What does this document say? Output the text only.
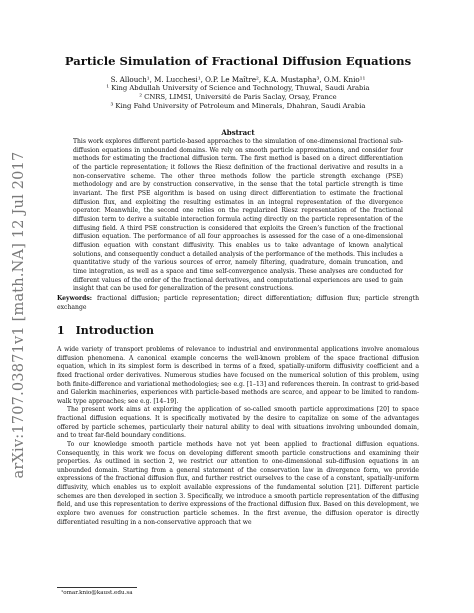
arXiv:1707.03871v1 [math.NA] 12 Jul 2017
Particle Simulation of Fractional Diffusion Equations
S. Allouch¹, M. Lucchesi¹, O.P. Le Maître², K.A. Mustapha³, O.M. Knio¹¹
¹ King Abdullah University of Science and Technology, Thuwal, Saudi Arabia
² CNRS, LIMSI, Université de Paris Saclay, Orsay, France
³ King Fahd University of Petroleum and Minerals, Dhahran, Saudi Arabia
Abstract
This work explores different particle-based approaches to the simulation of one-dimensional fractional sub-diffusion equations in unbounded domains. We rely on smooth particle approximations, and consider four methods for estimating the fractional diffusion term. The first method is based on a direct differentiation of the particle representation; it follows the Riesz definition of the fractional derivative and results in a non-conservative scheme. The other three methods follow the particle strength exchange (PSE) methodology and are by construction conservative, in the sense that the total particle strength is time invariant. The first PSE algorithm is based on using direct differentiation to estimate the fractional diffusion flux, and exploiting the resulting estimates in an integral representation of the divergence operator. Meanwhile, the second one relies on the regularized Riesz representation of the fractional diffusion term to derive a suitable interaction formula acting directly on the particle representation of the diffusing field. A third PSE construction is considered that exploits the Green’s function of the fractional diffusion equation. The performance of all four approaches is assessed for the case of a one-dimensional diffusion equation with constant diffusivity. This enables us to take advantage of known analytical solutions, and consequently conduct a detailed analysis of the performance of the methods. This includes a quantitative study of the various sources of error, namely filtering, quadrature, domain truncation, and time integration, as well as a space and time self-convergence analysis. These analyses are conducted for different values of the order of the fractional derivatives, and computational experiences are used to gain insight that can be used for generalization of the present constructions.
Keywords: fractional diffusion; particle representation; direct differentiation; diffusion flux; particle strength exchange
1 Introduction

A wide variety of transport problems of relevance to industrial and environmental applications involve anomalous diffusion phenomena. A canonical example concerns the well-known problem of the space fractional diffusion equation, which in its simplest form is described in terms of a fixed, spatially-uniform diffusivity coefficient and a fixed fractional order derivatives. Numerous studies have focused on the numerical solution of this problem, using both finite-difference and variational methodologies; see e.g. [1–13] and references therein. In contrast to grid-based and Galerkin machineries, experiences with particle-based methods are scarce, and appear to be limited to random-walk type approaches; see e.g. [14–19].

The present work aims at exploring the application of so-called smooth particle approximations [20] to space fractional diffusion equations. It is specifically motivated by the desire to capitalize on some of the advantages offered by particle schemes, particularly their natural ability to deal with situations involving unbounded domain, and to treat far-field boundary conditions.

To our knowledge smooth particle methods have not yet been applied to fractional diffusion equations. Consequently, in this work we focus on developing different smooth particle constructions and examining their properties. As outlined in section 2, we restrict our attention to one-dimensional sub-diffusion equations in an unbounded domain. Starting from a general statement of the conservation law in divergence form, we provide expressions of the fractional diffusion flux, and further restrict ourselves to the case of a constant, spatially-uniform diffusivity, which enables us to exploit available expressions of the fundamental solution [21]. Different particle schemes are then developed in section 3. Specifically, we introduce a smooth particle representation of the diffusing field, and use this representation to derive expressions of the fractional diffusion flux. Based on this development, we explore two avenues for construction particle schemes. In the first avenue, the diffusion operator is directly differentiated resulting in a non-conservative approach that we

¹omar.knio@kaust.edu.sa
